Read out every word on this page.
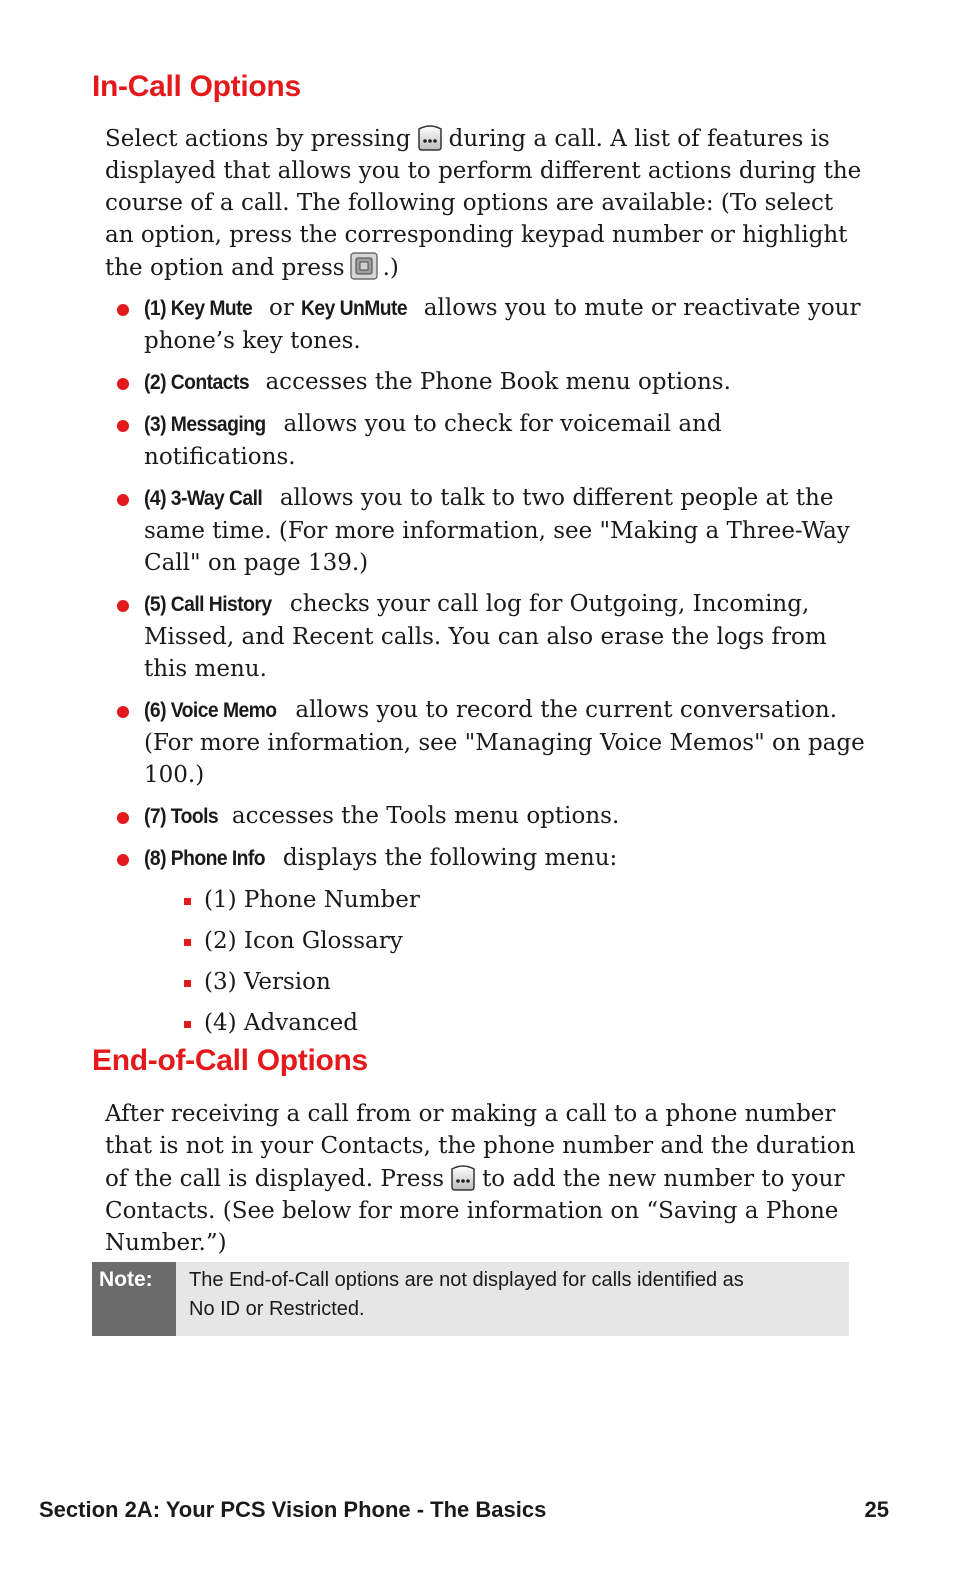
In-Call Options

Select actions by pressing during a call. A list of features is displayed that allows you to perform different actions during the course of a call. The following options are available: (To select an option, press the corresponding keypad number or highlight the option and press .)

(1) Key Mute or Key UnMute allows you to mute or reactivate your phone’s key tones.
(2) Contacts accesses the Phone Book menu options.
(3) Messaging allows you to check for voicemail and notifications.
(4) 3-Way Call allows you to talk to two different people at the same time. (For more information, see "Making a Three-Way Call" on page 139.)
(5) Call History checks your call log for Outgoing, Incoming, Missed, and Recent calls. You can also erase the logs from this menu.
(6) Voice Memo allows you to record the current conversation. (For more information, see "Managing Voice Memos" on page 100.)
(7) Tools accesses the Tools menu options.
(8) Phone Info displays the following menu:
(1) Phone Number
(2) Icon Glossary
(3) Version
(4) Advanced
End-of-Call Options

After receiving a call from or making a call to a phone number that is not in your Contacts, the phone number and the duration of the call is displayed. Press to add the new number to your Contacts. (See below for more information on “Saving a Phone Number.”)

Note:	The End-of-Call options are not displayed for calls identified as
No ID or Restricted.
Section 2A: Your PCS Vision Phone - The Basics	25
